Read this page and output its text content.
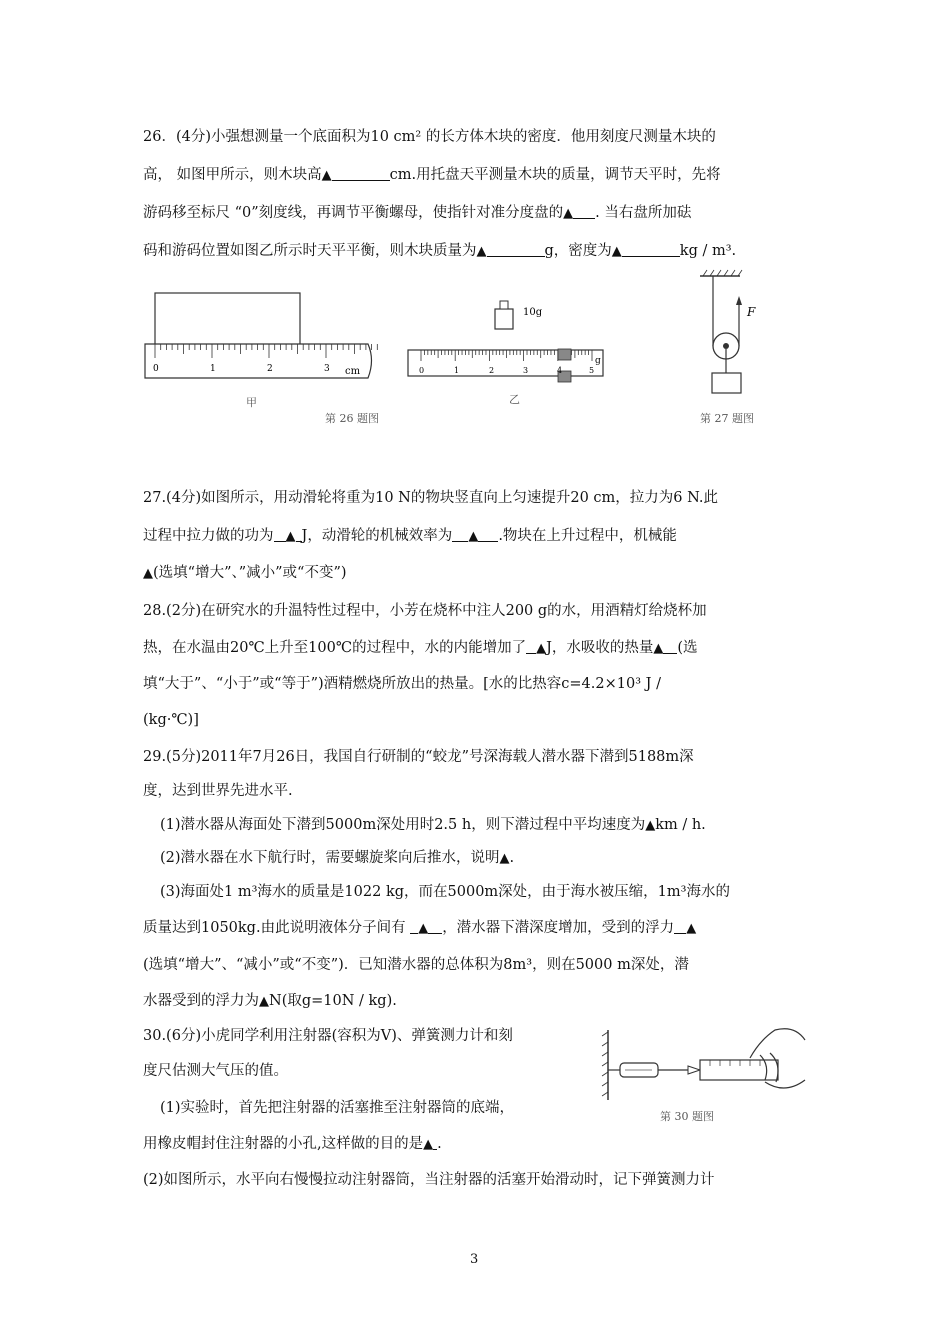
26．(4分)小强想测量一个底面积为10 cm² 的长方体木块的密度．他用刻度尺测量木块的
高， 如图甲所示，则木块高▲	cm.用托盘天平测量木块的质量，调节天平时，先将
游码移至标尺 “0”刻度线，再调节平衡螺母，使指针对准分度盘的▲ . 当右盘所加砝
码和游码位置如图乙所示时天平平衡，则木块质量为▲	g，密度为▲	kg / m³.
0	1	2	3 cm
甲
10g
0	1	2	3	4	5
g
乙
第 26 题图
F
第 27 题图
27.(4分)如图所示，用动滑轮将重为10 N的物块竖直向上匀速提升20 cm，拉力为6 N.此
过程中拉力做的功为 ▲ J，动滑轮的机械效率为 ▲ .物块在上升过程中，机械能
▲(选填“增大”、”减小”或“不变”)
28.(2分)在研究水的升温特性过程中，小芳在烧杯中注人200 g的水，用酒精灯给烧杯加
热，在水温由20℃上升至100℃的过程中，水的内能增加了 ▲J，水吸收的热量▲ (选
填“大于”、“小于”或“等于”)酒精燃烧所放出的热量。[水的比热容c=4.2×10³ J /
(kg·℃)]
29.(5分)2011年7月26日，我国自行研制的“蛟龙”号深海载人潜水器下潜到5188m深
度，达到世界先进水平.
(1)潜水器从海面处下潜到5000m深处用时2.5 h，则下潜过程中平均速度为▲km / h.
(2)潜水器在水下航行时，需要螺旋桨向后推水，说明▲.
(3)海面处1 m³海水的质量是1022 kg，而在5000m深处，由于海水被压缩，1m³海水的
质量达到1050kg.由此说明液体分子间有 ▲ ，潜水器下潜深度增加，受到的浮力 ▲
(选填“增大”、“减小”或“不变”)．已知潜水器的总体积为8m³，则在5000 m深处，潜
水器受到的浮力为▲N(取g=10N / kg).
30.(6分)小虎同学利用注射器(容积为V)、弹簧测力计和刻
度尺估测大气压的值。
(1)实验时，首先把注射器的活塞推至注射器筒的底端，
用橡皮帽封住注射器的小孔,这样做的目的是▲ .
(2)如图所示，水平向右慢慢拉动注射器筒，当注射器的活塞开始滑动时，记下弹簧测力计
第 30 题图
3
